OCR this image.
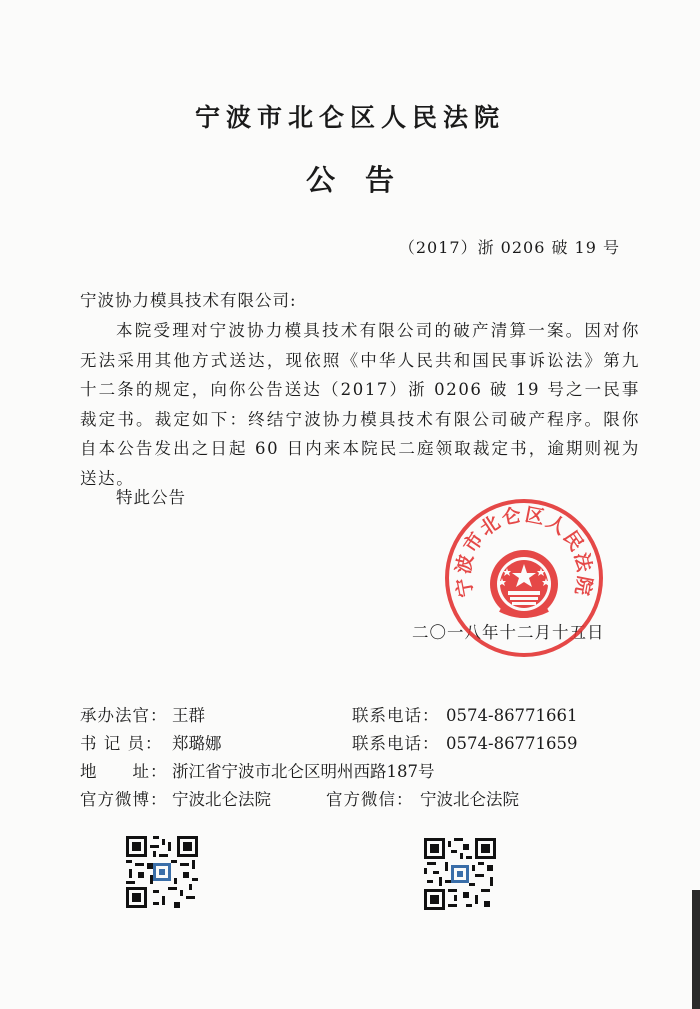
宁波市北仑区人民法院
公告
（2017）浙 0206 破 19 号
宁波协力模具技术有限公司:
本院受理对宁波协力模具技术有限公司的破产清算一案。因对你无法采用其他方式送达，现依照《中华人民共和国民事诉讼法》第九十二条的规定，向你公告送达（2017）浙 0206 破 19 号之一民事裁定书。裁定如下：终结宁波协力模具技术有限公司破产程序。限你自本公告发出之日起 60 日内来本院民二庭领取裁定书，逾期则视为送达。
特此公告
二〇一八年十二月十五日
宁波市北仑区人民法院
承办法官： 王群	联系电话： 0574-86771661
书 记 员： 郑璐娜	联系电话： 0574-86771659
地　　址： 浙江省宁波市北仑区明州西路187号
官方微博： 宁波北仑法院	官方微信： 宁波北仑法院
